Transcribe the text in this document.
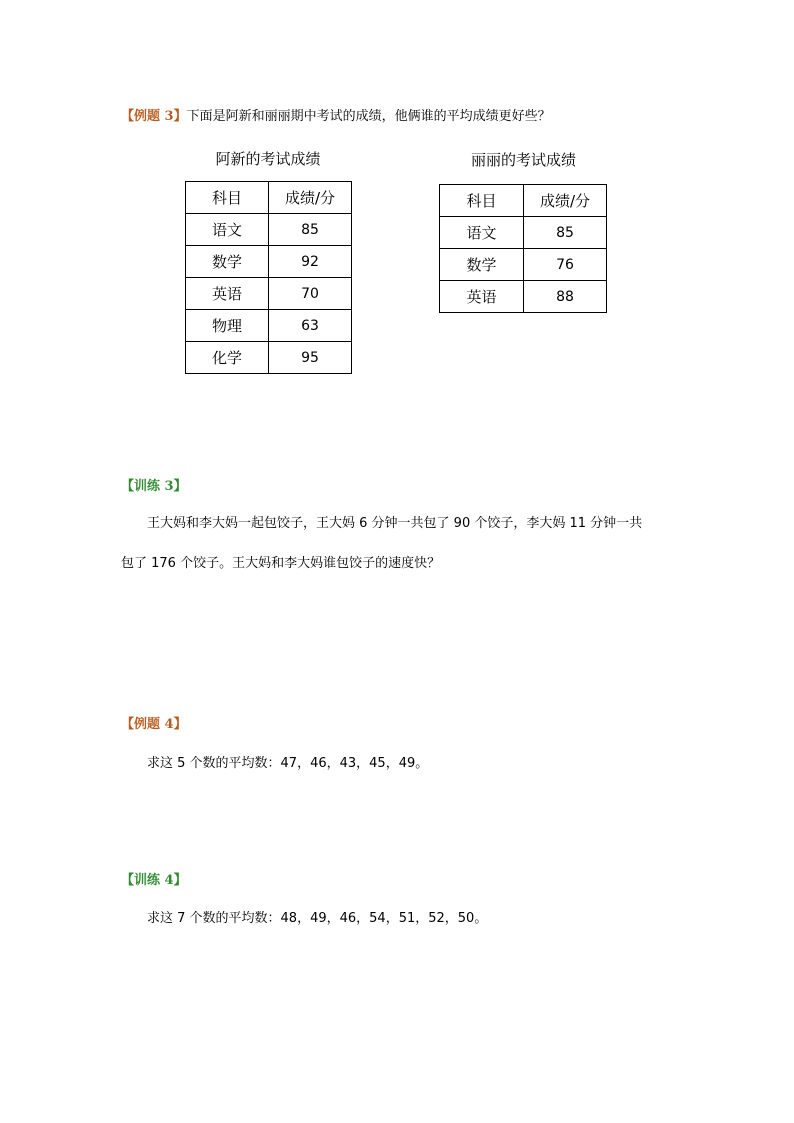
【例题 3】下面是阿新和丽丽期中考试的成绩，他俩谁的平均成绩更好些？
阿新的考试成绩
科目	成绩/分
语文	85
数学	92
英语	70
物理	63
化学	95
丽丽的考试成绩
科目	成绩/分
语文	85
数学	76
英语	88
【训练 3】
王大妈和李大妈一起包饺子，王大妈 6 分钟一共包了 90 个饺子，李大妈 11 分钟一共
包了 176 个饺子。王大妈和李大妈谁包饺子的速度快？
【例题 4】
求这 5 个数的平均数：47，46，43，45，49。
【训练 4】
求这 7 个数的平均数：48，49，46，54，51，52，50。
